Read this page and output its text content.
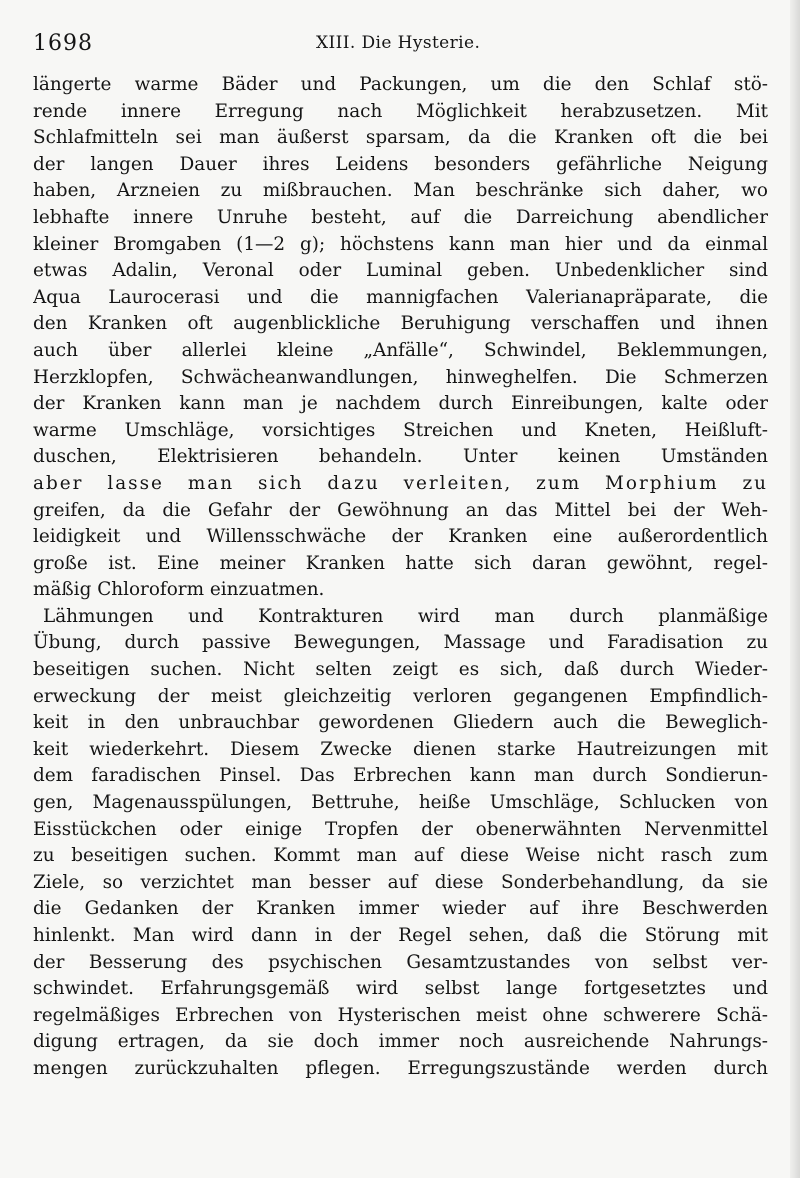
1698	XIII. Die Hysterie.
längerte warme Bäder und Packungen, um die den Schlaf stö-
rende innere Erregung nach Möglichkeit herabzusetzen. Mit
Schlafmitteln sei man äußerst sparsam, da die Kranken oft die bei
der langen Dauer ihres Leidens besonders gefährliche Neigung
haben, Arzneien zu mißbrauchen. Man beschränke sich daher, wo
lebhafte innere Unruhe besteht, auf die Darreichung abendlicher
kleiner Bromgaben (1—2 g); höchstens kann man hier und da einmal
etwas Adalin, Veronal oder Luminal geben. Unbedenklicher sind
Aqua Laurocerasi und die mannigfachen Valerianapräparate, die
den Kranken oft augenblickliche Beruhigung verschaffen und ihnen
auch über allerlei kleine „Anfälle“, Schwindel, Beklemmungen,
Herzklopfen, Schwächeanwandlungen, hinweghelfen. Die Schmerzen
der Kranken kann man je nachdem durch Einreibungen, kalte oder
warme Umschläge, vorsichtiges Streichen und Kneten, Heißluft-
duschen, Elektrisieren behandeln. Unter keinen Umständen
aber lasse man sich dazu verleiten, zum Morphium zu
greifen, da die Gefahr der Gewöhnung an das Mittel bei der Weh-
leidigkeit und Willensschwäche der Kranken eine außerordentlich
große ist. Eine meiner Kranken hatte sich daran gewöhnt, regel-
mäßig Chloroform einzuatmen.
Lähmungen und Kontrakturen wird man durch planmäßige
Übung, durch passive Bewegungen, Massage und Faradisation zu
beseitigen suchen. Nicht selten zeigt es sich, daß durch Wieder-
erweckung der meist gleichzeitig verloren gegangenen Empfindlich-
keit in den unbrauchbar gewordenen Gliedern auch die Beweglich-
keit wiederkehrt. Diesem Zwecke dienen starke Hautreizungen mit
dem faradischen Pinsel. Das Erbrechen kann man durch Sondierun-
gen, Magenausspülungen, Bettruhe, heiße Umschläge, Schlucken von
Eisstückchen oder einige Tropfen der obenerwähnten Nervenmittel
zu beseitigen suchen. Kommt man auf diese Weise nicht rasch zum
Ziele, so verzichtet man besser auf diese Sonderbehandlung, da sie
die Gedanken der Kranken immer wieder auf ihre Beschwerden
hinlenkt. Man wird dann in der Regel sehen, daß die Störung mit
der Besserung des psychischen Gesamtzustandes von selbst ver-
schwindet. Erfahrungsgemäß wird selbst lange fortgesetztes und
regelmäßiges Erbrechen von Hysterischen meist ohne schwerere Schä-
digung ertragen, da sie doch immer noch ausreichende Nahrungs-
mengen zurückzuhalten pflegen. Erregungszustände werden durch
